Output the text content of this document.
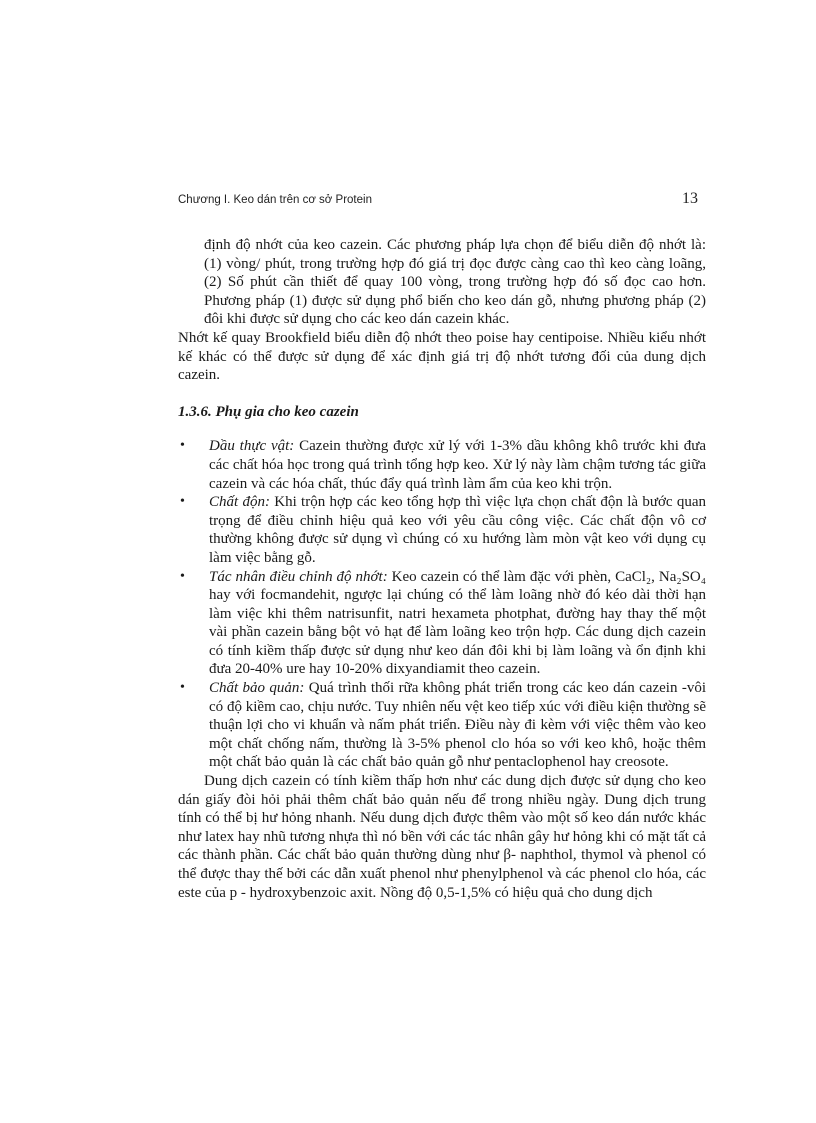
Chương I. Keo dán trên cơ sở Protein	13

định độ nhớt của keo cazein. Các phương pháp lựa chọn để biểu diễn độ nhớt là: (1) vòng/ phút, trong trường hợp đó giá trị đọc được càng cao thì keo càng loãng, (2) Số phút cần thiết để quay 100 vòng, trong trường hợp đó số đọc cao hơn. Phương pháp (1) được sử dụng phổ biến cho keo dán gỗ, nhưng phương pháp (2) đôi khi được sử dụng cho các keo dán cazein khác.

Nhớt kế quay Brookfield biểu diễn độ nhớt theo poise hay centipoise. Nhiều kiểu nhớt kế khác có thể được sử dụng để xác định giá trị độ nhớt tương đối của dung dịch cazein.

1.3.6. Phụ gia cho keo cazein

• Dầu thực vật: Cazein thường được xử lý với 1-3% dầu không khô trước khi đưa các chất hóa học trong quá trình tổng hợp keo. Xử lý này làm chậm tương tác giữa cazein và các hóa chất, thúc đẩy quá trình làm ẩm của keo khi trộn.
• Chất độn: Khi trộn hợp các keo tổng hợp thì việc lựa chọn chất độn là bước quan trọng để điều chỉnh hiệu quả keo với yêu cầu công việc. Các chất độn vô cơ thường không được sử dụng vì chúng có xu hướng làm mòn vật keo với dụng cụ làm việc bằng gỗ.
• Tác nhân điều chỉnh độ nhớt: Keo cazein có thể làm đặc với phèn, CaCl₂, Na₂SO₄ hay với focmandehit, ngược lại chúng có thể làm loãng nhờ đó kéo dài thời hạn làm việc khi thêm natrisunfit, natri hexameta photphat, đường hay thay thế một vài phần cazein bằng bột vỏ hạt để làm loãng keo trộn hợp. Các dung dịch cazein có tính kiềm thấp được sử dụng như keo dán đôi khi bị làm loãng và ổn định khi đưa 20-40% ure hay 10-20% dixyandiamit theo cazein.
• Chất bảo quản: Quá trình thối rữa không phát triển trong các keo dán cazein -vôi có độ kiềm cao, chịu nước. Tuy nhiên nếu vệt keo tiếp xúc với điều kiện thường sẽ thuận lợi cho vi khuẩn và nấm phát triển. Điều này đi kèm với việc thêm vào keo một chất chống nấm, thường là 3-5% phenol clo hóa so với keo khô, hoặc thêm một chất bảo quản là các chất bảo quản gỗ như pentaclophenol hay creosote.

Dung dịch cazein có tính kiềm thấp hơn như các dung dịch được sử dụng cho keo dán giấy đòi hỏi phải thêm chất bảo quản nếu để trong nhiều ngày. Dung dịch trung tính có thể bị hư hỏng nhanh. Nếu dung dịch được thêm vào một số keo dán nước khác như latex hay nhũ tương nhựa thì nó bền với các tác nhân gây hư hỏng khi có mặt tất cả các thành phần. Các chất bảo quản thường dùng như β- naphthol, thymol và phenol có thể được thay thế bởi các dẫn xuất phenol như phenylphenol và các phenol clo hóa, các este của p - hydroxybenzoic axit. Nồng độ 0,5-1,5% có hiệu quả cho dung dịch
